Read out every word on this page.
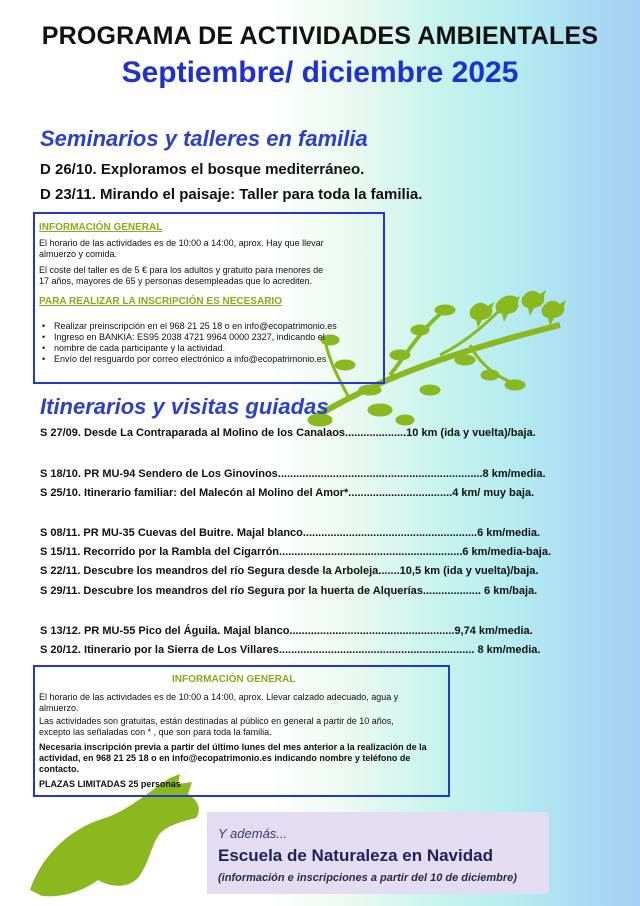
PROGRAMA DE ACTIVIDADES AMBIENTALES
Septiembre/ diciembre 2025
Seminarios y talleres en familia
D 26/10. Exploramos el bosque mediterráneo.
D 23/11. Mirando el paisaje: Taller para toda la familia.
INFORMACIÓN GENERAL
El horario de las actividades es de 10:00 a 14:00, aprox. Hay que llevar
almuerzo y comida.
El coste del taller es de 5 € para los adultos y gratuito para menores de
17 años, mayores de 65 y personas desempleadas que lo acrediten.
PARA REALIZAR LA INSCRIPCIÓN ES NECESARIO
• Realizar preinscripción en el 968 21 25 18 o en info@ecopatrimonio.es
• Ingreso en BANKIA: ES95 2038 4721 9964 0000 2327, indicando el
• nombre de cada participante y la actividad.
• Envío del resguardo por correo electrónico a info@ecopatrimonio.es
Itinerarios y visitas guiadas
S 27/09. Desde La Contraparada al Molino de los Canalaos....................10 km (ida y vuelta)/baja.
S 18/10. PR MU-94 Sendero de Los Ginovinos...................................................................8 km/media.
S 25/10. Itinerario familiar: del Malecón al Molino del Amor*..................................4 km/ muy baja.
S 08/11. PR MU-35 Cuevas del Buitre. Majal blanco.........................................................6 km/media.
S 15/11. Recorrido por la Rambla del Cigarrón............................................................6 km/media-baja.
S 22/11. Descubre los meandros del río Segura desde la Arboleja.......10,5 km (ida y vuelta)/baja.
S 29/11. Descubre los meandros del río Segura por la huerta de Alquerías................... 6 km/baja.
S 13/12. PR MU-55 Pico del Águila. Majal blanco......................................................9,74 km/media.
S 20/12. Itinerario por la Sierra de Los Villares................................................................ 8 km/media.
INFORMACIÓN GENERAL
El horario de las actividades es de 10:00 a 14:00, aprox. Llevar calzado adecuado, agua y
almuerzo.
Las actividades son gratuitas, están destinadas al público en general a partir de 10 años,
excepto las señaladas con * , que son para toda la familia.
Necesaria inscripción previa a partir del último lunes del mes anterior a la realización de la
actividad, en 968 21 25 18 o en info@ecopatrimonio.es indicando nombre y teléfono de
contacto.
PLAZAS LIMITADAS 25 personas
Y además...
Escuela de Naturaleza en Navidad
(información e inscripciones a partir del 10 de diciembre)
